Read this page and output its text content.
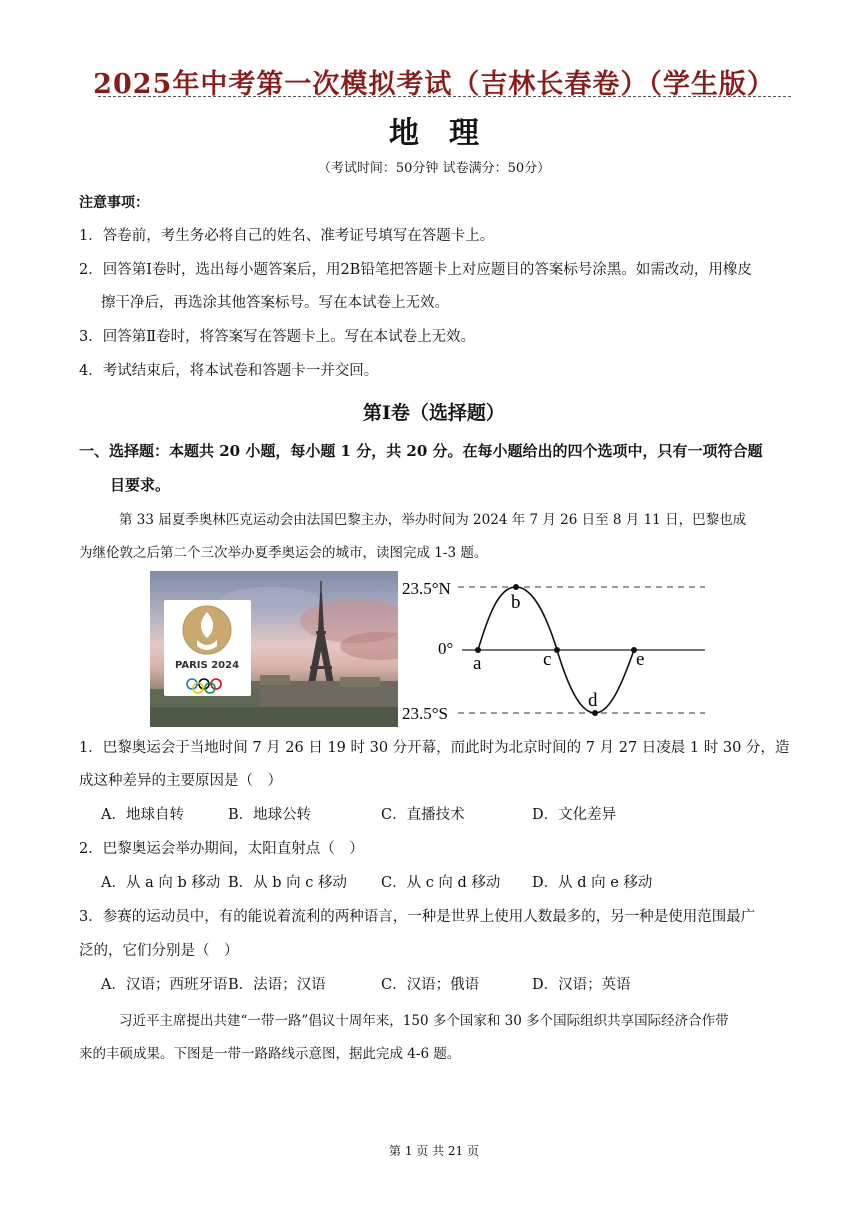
2025年中考第一次模拟考试（吉林长春卷）（学生版）
地理
（考试时间：50分钟 试卷满分：50分）
注意事项：
1．答卷前，考生务必将自己的姓名、准考证号填写在答题卡上。
2．回答第Ⅰ卷时，选出每小题答案后，用2B铅笔把答题卡上对应题目的答案标号涂黑。如需改动，用橡皮
擦干净后，再选涂其他答案标号。写在本试卷上无效。
3．回答第Ⅱ卷时，将答案写在答题卡上。写在本试卷上无效。
4．考试结束后，将本试卷和答题卡一并交回。
第Ⅰ卷（选择题）
一、选择题：本题共 20 小题，每小题 1 分，共 20 分。在每小题给出的四个选项中，只有一项符合题
目要求。
第 33 届夏季奥林匹克运动会由法国巴黎主办，举办时间为 2024 年 7 月 26 日至 8 月 11 日，巴黎也成
为继伦敦之后第二个三次举办夏季奥运会的城市，读图完成 1-3 题。
PARIS 2024
23.5°N
0°
23.5°S
a
b
c
d
e
1．巴黎奥运会于当地时间 7 月 26 日 19 时 30 分开幕，而此时为北京时间的 7 月 27 日凌晨 1 时 30 分，造
成这种差异的主要原因是（　）
A．地球自转	B．地球公转	C．直播技术	D．文化差异
2．巴黎奥运会举办期间，太阳直射点（　）
A．从 a 向 b 移动 B．从 b 向 c 移动 C．从 c 向 d 移动 D．从 d 向 e 移动
3．参赛的运动员中，有的能说着流利的两种语言，一种是世界上使用人数最多的，另一种是使用范围最广
泛的，它们分别是（　）
A．汉语；西班牙语 B．法语；汉语	C．汉语；俄语	D．汉语；英语
习近平主席提出共建“一带一路”倡议十周年来，150 多个国家和 30 多个国际组织共享国际经济合作带
来的丰硕成果。下图是一带一路路线示意图，据此完成 4-6 题。
第 1 页 共 21 页
